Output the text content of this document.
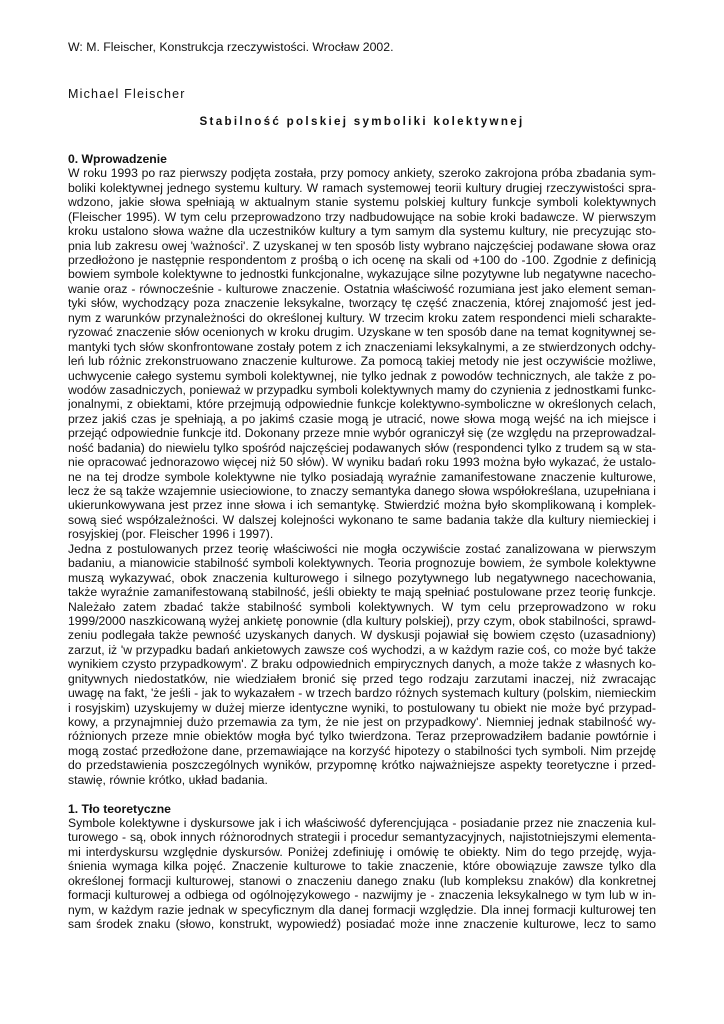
W: M. Fleischer, Konstrukcja rzeczywistości. Wrocław 2002.
Michael Fleischer
Stabilność polskiej symboliki kolektywnej
0. Wprowadzenie
W roku 1993 po raz pierwszy podjęta została, przy pomocy ankiety, szeroko zakrojona próba zbadania sym-
boliki kolektywnej jednego systemu kultury. W ramach systemowej teorii kultury drugiej rzeczywistości spra-
wdzono, jakie słowa spełniają w aktualnym stanie systemu polskiej kultury funkcje symboli kolektywnych
(Fleischer 1995). W tym celu przeprowadzono trzy nadbudowujące na sobie kroki badawcze. W pierwszym
kroku ustalono słowa ważne dla uczestników kultury a tym samym dla systemu kultury, nie precyzując sto-
pnia lub zakresu owej 'ważności'. Z uzyskanej w ten sposób listy wybrano najczęściej podawane słowa oraz
przedłożono je następnie respondentom z prośbą o ich ocenę na skali od +100 do -100. Zgodnie z definicją
bowiem symbole kolektywne to jednostki funkcjonalne, wykazujące silne pozytywne lub negatywne nacecho-
wanie oraz - równocześnie - kulturowe znaczenie. Ostatnia właściwość rozumiana jest jako element seman-
tyki słów, wychodzący poza znaczenie leksykalne, tworzący tę część znaczenia, której znajomość jest jed-
nym z warunków przynależności do określonej kultury. W trzecim kroku zatem respondenci mieli scharakte-
ryzować znaczenie słów ocenionych w kroku drugim. Uzyskane w ten sposób dane na temat kognitywnej se-
mantyki tych słów skonfrontowane zostały potem z ich znaczeniami leksykalnymi, a ze stwierdzonych odchy-
leń lub różnic zrekonstruowano znaczenie kulturowe. Za pomocą takiej metody nie jest oczywiście możliwe,
uchwycenie całego systemu symboli kolektywnej, nie tylko jednak z powodów technicznych, ale także z po-
wodów zasadniczych, ponieważ w przypadku symboli kolektywnych mamy do czynienia z jednostkami funkc-
jonalnymi, z obiektami, które przejmują odpowiednie funkcje kolektywno-symboliczne w określonych celach,
przez jakiś czas je spełniają, a po jakimś czasie mogą je utracić, nowe słowa mogą wejść na ich miejsce i
przejąć odpowiednie funkcje itd. Dokonany przeze mnie wybór ograniczył się (ze względu na przeprowadzal-
ność badania) do niewielu tylko spośród najczęściej podawanych słów (respondenci tylko z trudem są w sta-
nie opracować jednorazowo więcej niż 50 słów). W wyniku badań roku 1993 można było wykazać, że ustalo-
ne na tej drodze symbole kolektywne nie tylko posiadają wyraźnie zamanifestowane znaczenie kulturowe,
lecz że są także wzajemnie usieciowione, to znaczy semantyka danego słowa współokreślana, uzupełniana i
ukierunkowywana jest przez inne słowa i ich semantykę. Stwierdzić można było skomplikowaną i komplek-
sową sieć współzależności. W dalszej kolejności wykonano te same badania także dla kultury niemieckiej i
rosyjskiej (por. Fleischer 1996 i 1997).
Jedna z postulowanych przez teorię właściwości nie mogła oczywiście zostać zanalizowana w pierwszym
badaniu, a mianowicie stabilność symboli kolektywnych. Teoria prognozuje bowiem, że symbole kolektywne
muszą wykazywać, obok znaczenia kulturowego i silnego pozytywnego lub negatywnego nacechowania,
także wyraźnie zamanifestowaną stabilność, jeśli obiekty te mają spełniać postulowane przez teorię funkcje.
Należało zatem zbadać także stabilność symboli kolektywnych. W tym celu przeprowadzono w roku
1999/2000 naszkicowaną wyżej ankietę ponownie (dla kultury polskiej), przy czym, obok stabilności, sprawd-
zeniu podlegała także pewność uzyskanych danych. W dyskusji pojawiał się bowiem często (uzasadniony)
zarzut, iż 'w przypadku badań ankietowych zawsze coś wychodzi, a w każdym razie coś, co może być także
wynikiem czysto przypadkowym'. Z braku odpowiednich empirycznych danych, a może także z własnych ko-
gnitywnych niedostatków, nie wiedziałem bronić się przed tego rodzaju zarzutami inaczej, niż zwracając
uwagę na fakt, 'że jeśli - jak to wykazałem - w trzech bardzo różnych systemach kultury (polskim, niemieckim
i rosyjskim) uzyskujemy w dużej mierze identyczne wyniki, to postulowany tu obiekt nie może być przypad-
kowy, a przynajmniej dużo przemawia za tym, że nie jest on przypadkowy'. Niemniej jednak stabilność wy-
różnionych przeze mnie obiektów mogła być tylko twierdzona. Teraz przeprowadziłem badanie powtórnie i
mogą zostać przedłożone dane, przemawiające na korzyść hipotezy o stabilności tych symboli. Nim przejdę
do przedstawienia poszczególnych wyników, przypomnę krótko najważniejsze aspekty teoretyczne i przed-
stawię, równie krótko, układ badania.
1. Tło teoretyczne
Symbole kolektywne i dyskursowe jak i ich właściwość dyferencjująca - posiadanie przez nie znaczenia kul-
turowego - są, obok innych różnorodnych strategii i procedur semantyzacyjnych, najistotniejszymi elementa-
mi interdyskursu względnie dyskursów. Poniżej zdefiniuję i omówię te obiekty. Nim do tego przejdę, wyja-
śnienia wymaga kilka pojęć. Znaczenie kulturowe to takie znaczenie, które obowiązuje zawsze tylko dla
określonej formacji kulturowej, stanowi o znaczeniu danego znaku (lub kompleksu znaków) dla konkretnej
formacji kulturowej a odbiega od ogólnojęzykowego - nazwijmy je - znaczenia leksykalnego w tym lub w in-
nym, w każdym razie jednak w specyficznym dla danej formacji względzie. Dla innej formacji kulturowej ten
sam środek znaku (słowo, konstrukt, wypowiedź) posiadać może inne znaczenie kulturowe, lecz to samo
